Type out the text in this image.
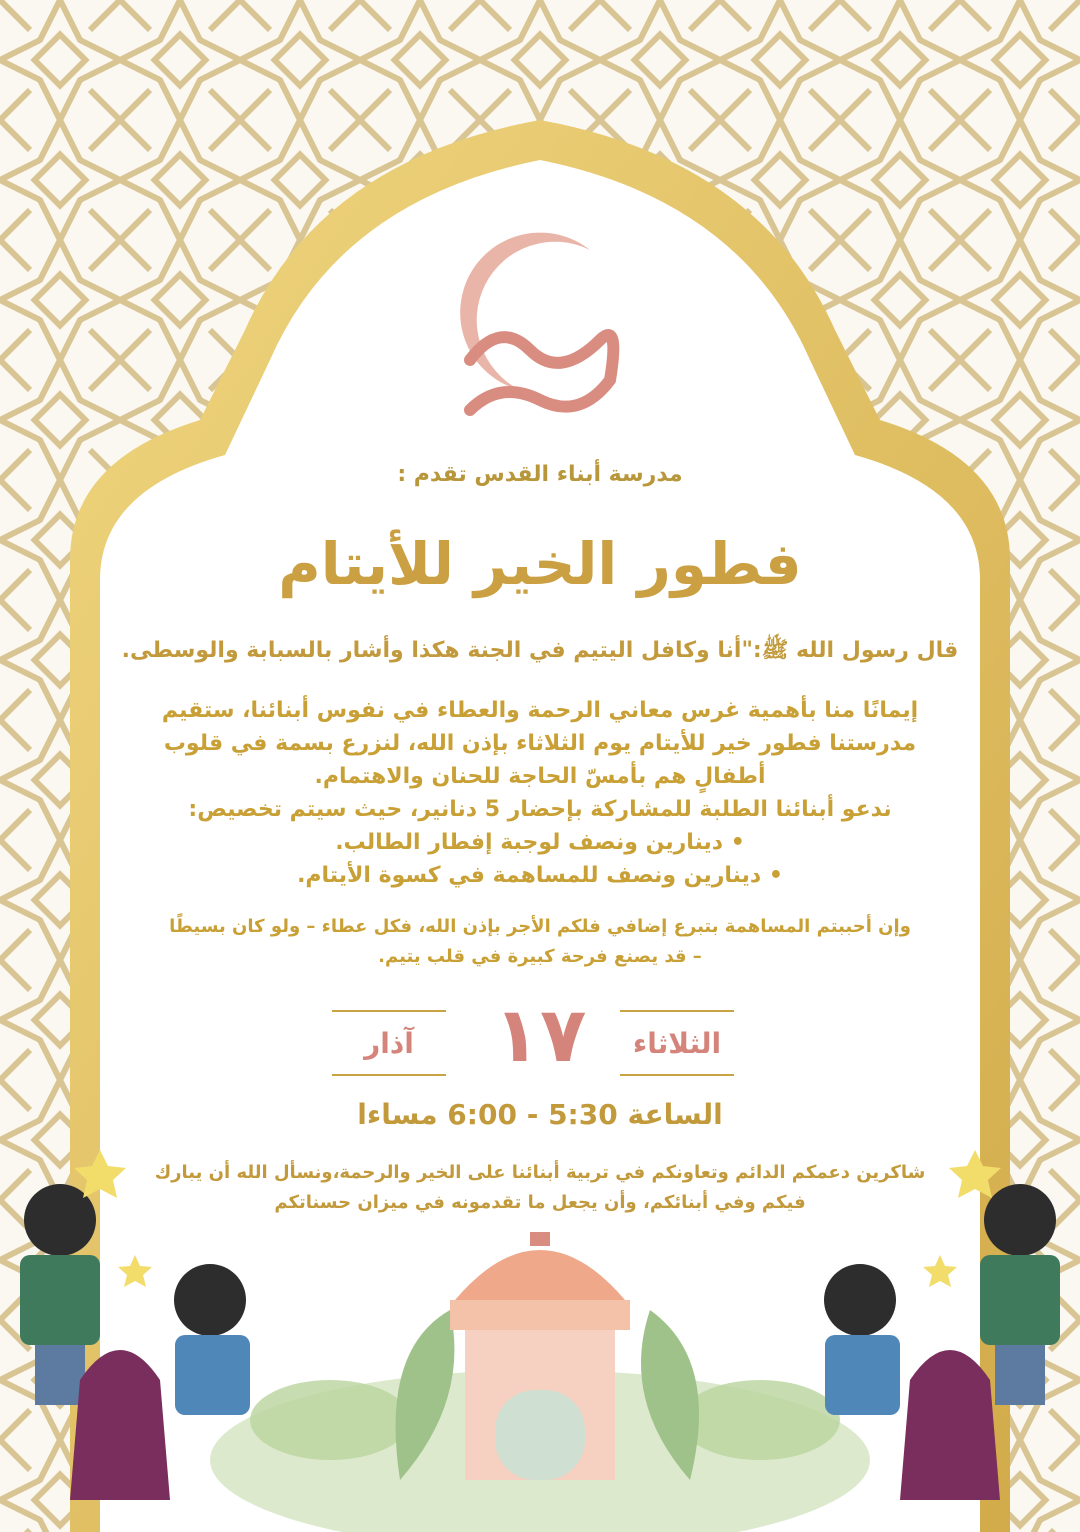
مدرسة أبناء القدس تقدم :
فطور الخير للأيتام
قال رسول الله ﷺ:"أنا وكافل اليتيم في الجنة هكذا وأشار بالسبابة والوسطى.

إيمانًا منا بأهمية غرس معاني الرحمة والعطاء في نفوس أبنائنا، ستقيم

مدرستنا فطور خير للأيتام يوم الثلاثاء بإذن الله، لنزرع بسمة في قلوب

أطفالٍ هم بأمسّ الحاجة للحنان والاهتمام.

ندعو أبنائنا الطلبة للمشاركة بإحضار 5 دنانير، حيث سيتم تخصيص:

• دينارين ونصف لوجبة إفطار الطالب.

• دينارين ونصف للمساهمة في كسوة الأيتام.

وإن أحببتم المساهمة بتبرع إضافي فلكم الأجر بإذن الله، فكل عطاء – ولو كان بسيطًا

– قد يصنع فرحة كبيرة في قلب يتيم.

الثلاثاء
١٧
آذار
الساعة 5:30 - 6:00 مساءا

شاكرين دعمكم الدائم وتعاونكم في تربية أبنائنا على الخير والرحمة،ونسأل الله أن يبارك

فيكم وفي أبنائكم، وأن يجعل ما تقدمونه في ميزان حسناتكم
